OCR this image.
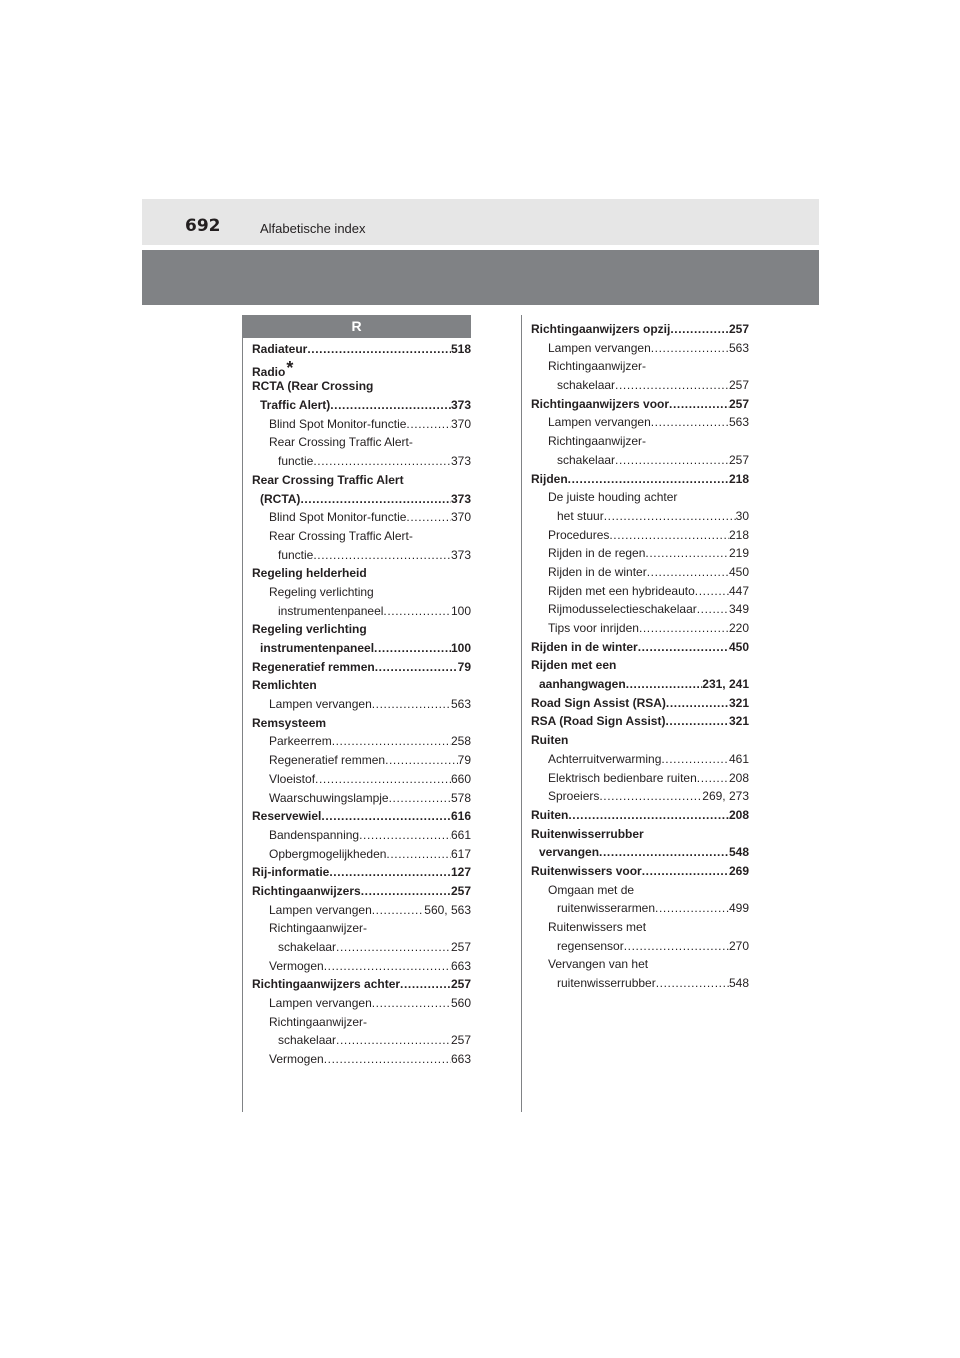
692	Alfabetische index
R
Radiateur .....	518
Radio*
RCTA (Rear Crossing
Traffic Alert) .....	373
Blind Spot Monitor-functie .....	370
Rear Crossing Traffic Alert-
functie .....	373
Rear Crossing Traffic Alert
(RCTA) .....	373
Blind Spot Monitor-functie .....	370
Rear Crossing Traffic Alert-
functie .....	373
Regeling helderheid
Regeling verlichting
instrumentenpaneel .....	100
Regeling verlichting
instrumentenpaneel .....	100
Regeneratief remmen .....	79
Remlichten
Lampen vervangen .....	563
Remsysteem
Parkeerrem .....	258
Regeneratief remmen .....	79
Vloeistof .....	660
Waarschuwingslampje .....	578
Reservewiel .....	616
Bandenspanning .....	661
Opbergmogelijkheden .....	617
Rij-informatie .....	127
Richtingaanwijzers .....	257
Lampen vervangen .....	560, 563
Richtingaanwijzer-
schakelaar .....	257
Vermogen .....	663
Richtingaanwijzers achter .....	257
Lampen vervangen .....	560
Richtingaanwijzer-
schakelaar .....	257
Vermogen .....	663
Richtingaanwijzers opzij .....	257
Lampen vervangen .....	563
Richtingaanwijzer-
schakelaar .....	257
Richtingaanwijzers voor .....	257
Lampen vervangen .....	563
Richtingaanwijzer-
schakelaar .....	257
Rijden .....	218
De juiste houding achter
het stuur .....	30
Procedures .....	218
Rijden in de regen .....	219
Rijden in de winter .....	450
Rijden met een hybrideauto .....	447
Rijmodusselectieschakelaar .....	349
Tips voor inrijden .....	220
Rijden in de winter .....	450
Rijden met een
aanhangwagen .....	231, 241
Road Sign Assist (RSA) .....	321
RSA (Road Sign Assist) .....	321
Ruiten
Achterruitverwarming .....	461
Elektrisch bedienbare ruiten .....	208
Sproeiers .....	269, 273
Ruiten .....	208
Ruitenwisserrubber
vervangen .....	548
Ruitenwissers voor .....	269
Omgaan met de
ruitenwisserarmen .....	499
Ruitenwissers met
regensensor .....	270
Vervangen van het
ruitenwisserrubber .....	548
